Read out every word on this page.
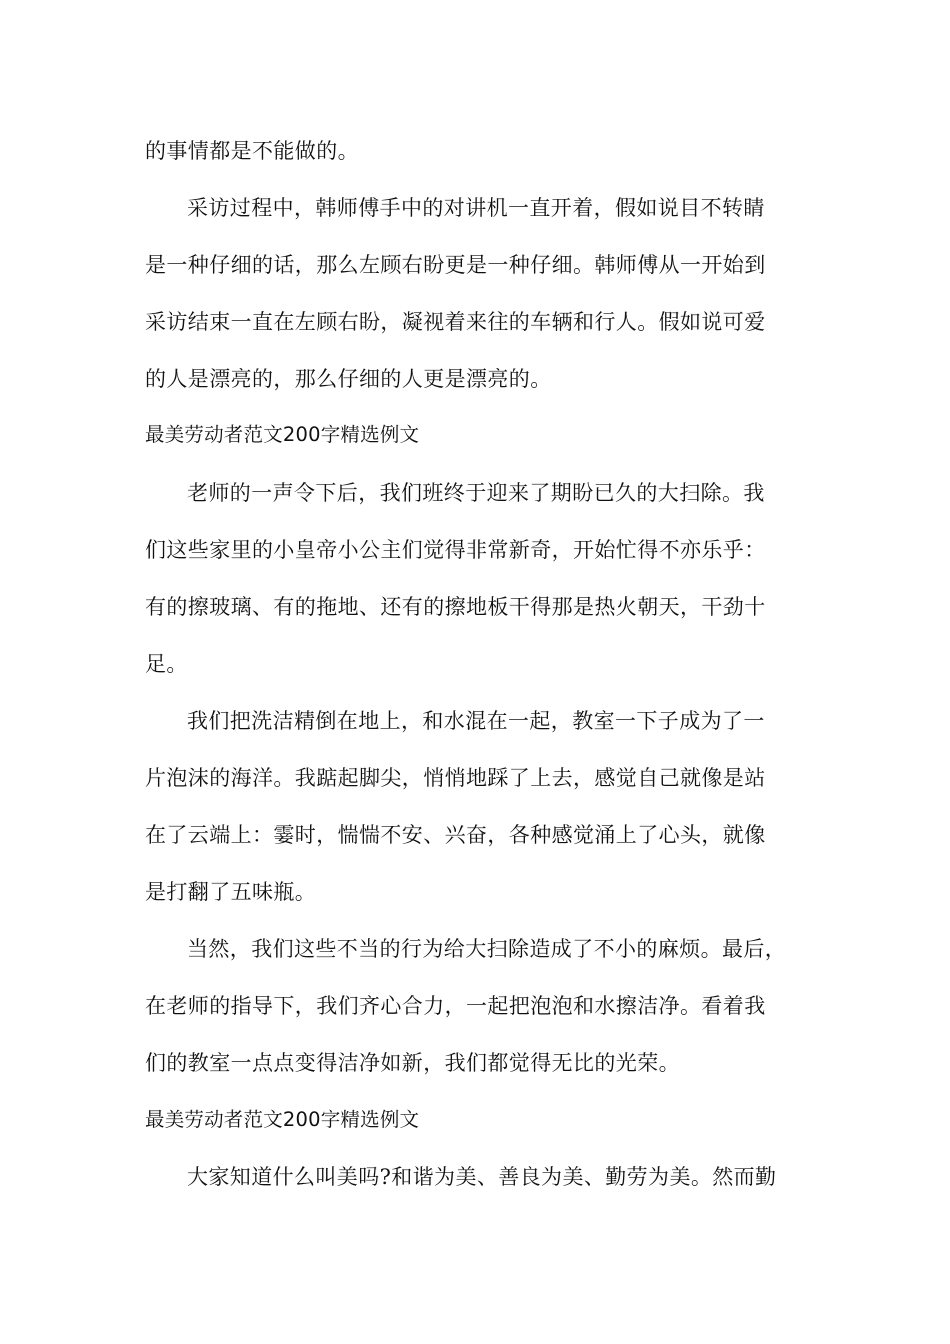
的事情都是不能做的。
采访过程中，韩师傅手中的对讲机一直开着，假如说目不转睛
是一种仔细的话，那么左顾右盼更是一种仔细。韩师傅从一开始到
采访结束一直在左顾右盼，凝视着来往的车辆和行人。假如说可爱
的人是漂亮的，那么仔细的人更是漂亮的。
最美劳动者范文200字精选例文
老师的一声令下后，我们班终于迎来了期盼已久的大扫除。我
们这些家里的小皇帝小公主们觉得非常新奇，开始忙得不亦乐乎：
有的擦玻璃、有的拖地、还有的擦地板干得那是热火朝天，干劲十
足。
我们把洗洁精倒在地上，和水混在一起，教室一下子成为了一
片泡沫的海洋。我踮起脚尖，悄悄地踩了上去，感觉自己就像是站
在了云端上：霎时，惴惴不安、兴奋，各种感觉涌上了心头，就像
是打翻了五味瓶。
当然，我们这些不当的行为给大扫除造成了不小的麻烦。最后，
在老师的指导下，我们齐心合力，一起把泡泡和水擦洁净。看着我
们的教室一点点变得洁净如新，我们都觉得无比的光荣。
最美劳动者范文200字精选例文
大家知道什么叫美吗?和谐为美、善良为美、勤劳为美。然而勤
